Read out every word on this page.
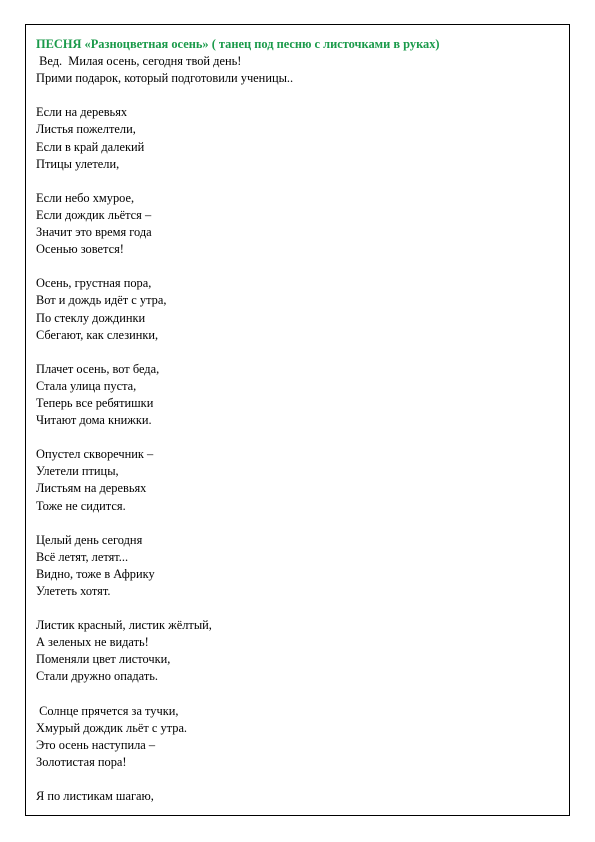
ПЕСНЯ «Разноцветная осень» ( танец под песню с листочками в руках)

Вед.  Милая осень, сегодня твой день!

Прими подарок, который подготовили ученицы..

Если на деревьях

Листья пожелтели,

Если в край далекий

Птицы улетели,

Если небо хмурое,

Если дождик льётся –

Значит это время года

Осенью зовется!

Осень, грустная пора,

Вот и дождь идёт с утра,

По стеклу дождинки

Сбегают, как слезинки,

Плачет осень, вот беда,

Стала улица пуста,

Теперь все ребятишки

Читают дома книжки.

Опустел скворечник –

Улетели птицы,

Листьям на деревьях

Тоже не сидится.

Целый день сегодня

Всё летят, летят...

Видно, тоже в Африку

Улететь хотят.

Листик красный, листик жёлтый,

А зеленых не видать!

Поменяли цвет листочки,

Стали дружно опадать.

Солнце прячется за тучки,

Хмурый дождик льёт с утра.

Это осень наступила –

Золотистая пора!

Я по листикам шагаю,
